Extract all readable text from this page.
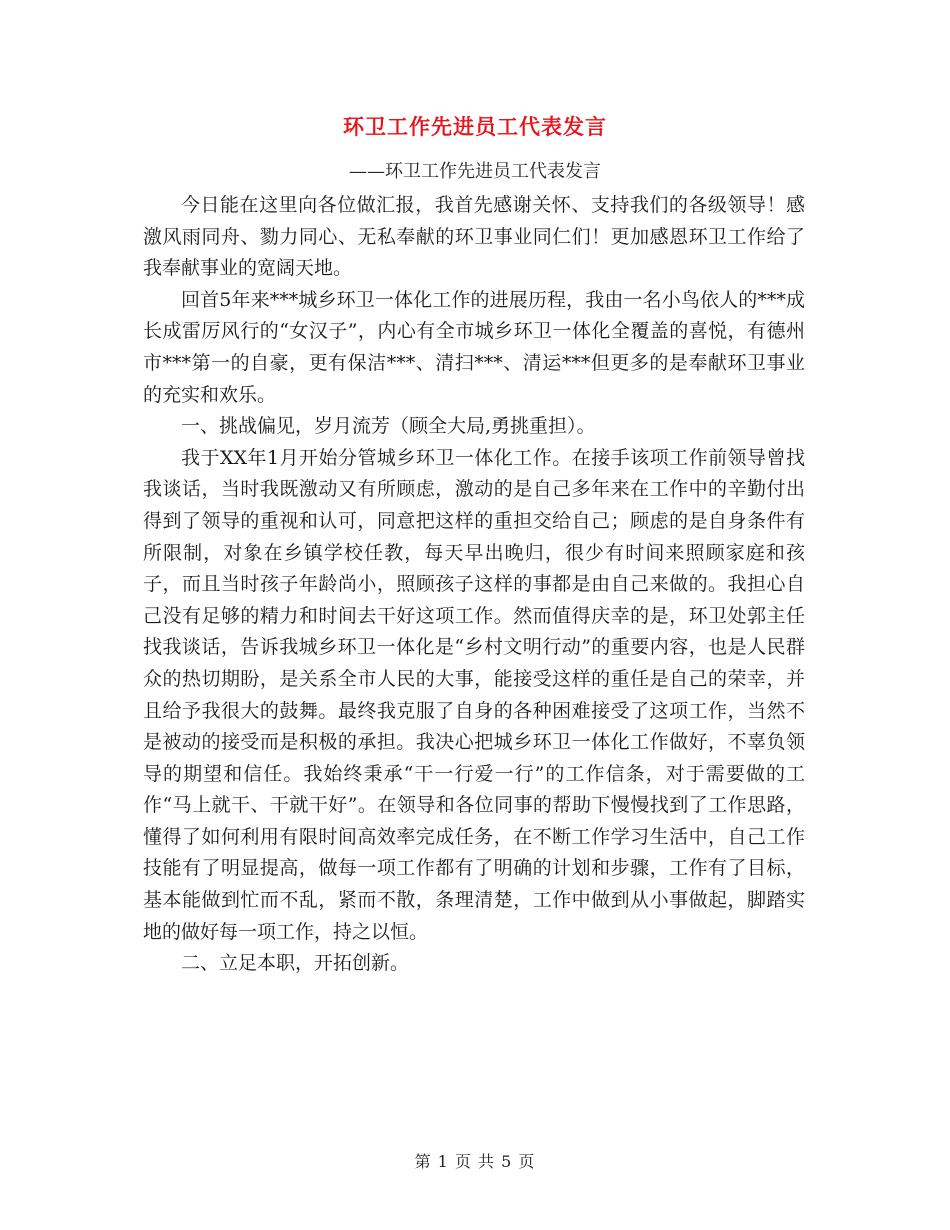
环卫工作先进员工代表发言
——环卫工作先进员工代表发言

今日能在这里向各位做汇报，我首先感谢关怀、支持我们的各级领导！感激风雨同舟、勠力同心、无私奉献的环卫事业同仁们！更加感恩环卫工作给了我奉献事业的宽阔天地。

回首5年来***城乡环卫一体化工作的进展历程，我由一名小鸟依人的***成长成雷厉风行的“女汉子”，内心有全市城乡环卫一体化全覆盖的喜悦，有德州市***第一的自豪，更有保洁***、清扫***、清运***但更多的是奉献环卫事业的充实和欢乐。

一、挑战偏见，岁月流芳（顾全大局,勇挑重担）。

我于XX年1月开始分管城乡环卫一体化工作。在接手该项工作前领导曾找我谈话，当时我既激动又有所顾虑，激动的是自己多年来在工作中的辛勤付出得到了领导的重视和认可，同意把这样的重担交给自己；顾虑的是自身条件有所限制，对象在乡镇学校任教，每天早出晚归，很少有时间来照顾家庭和孩子，而且当时孩子年龄尚小，照顾孩子这样的事都是由自己来做的。我担心自己没有足够的精力和时间去干好这项工作。然而值得庆幸的是，环卫处郭主任找我谈话，告诉我城乡环卫一体化是“乡村文明行动”的重要内容，也是人民群众的热切期盼，是关系全市人民的大事，能接受这样的重任是自己的荣幸，并且给予我很大的鼓舞。最终我克服了自身的各种困难接受了这项工作，当然不是被动的接受而是积极的承担。我决心把城乡环卫一体化工作做好，不辜负领导的期望和信任。我始终秉承“干一行爱一行”的工作信条，对于需要做的工作“马上就干、干就干好”。在领导和各位同事的帮助下慢慢找到了工作思路，懂得了如何利用有限时间高效率完成任务，在不断工作学习生活中，自己工作技能有了明显提高，做每一项工作都有了明确的计划和步骤，工作有了目标，基本能做到忙而不乱，紧而不散，条理清楚，工作中做到从小事做起，脚踏实地的做好每一项工作，持之以恒。

二、立足本职，开拓创新。

第 1 页 共 5 页
